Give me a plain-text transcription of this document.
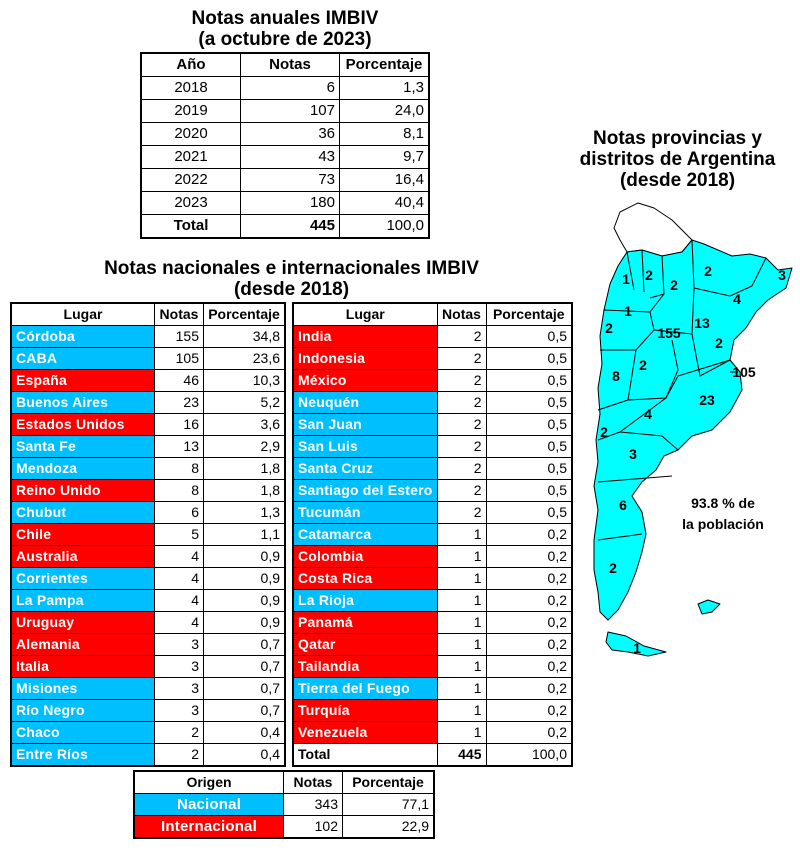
Notas anuales IMBIV
(a octubre de 2023)
Año	Notas	Porcentaje
2018	6	1,3
2019	107	24,0
2020	36	8,1
2021	43	9,7
2022	73	16,4
2023	180	40,4
Total	445	100,0
Notas nacionales e internacionales IMBIV
(desde 2018)
Lugar	Notas	Porcentaje
Córdoba	155	34,8
CABA	105	23,6
España	46	10,3
Buenos Aires	23	5,2
Estados Unidos	16	3,6
Santa Fe	13	2,9
Mendoza	8	1,8
Reino Unido	8	1,8
Chubut	6	1,3
Chile	5	1,1
Australia	4	0,9
Corrientes	4	0,9
La Pampa	4	0,9
Uruguay	4	0,9
Alemania	3	0,7
Italia	3	0,7
Misiones	3	0,7
Río Negro	3	0,7
Chaco	2	0,4
Entre Ríos	2	0,4
Lugar	Notas	Porcentaje
India	2	0,5
Indonesia	2	0,5
México	2	0,5
Neuquén	2	0,5
San Juan	2	0,5
San Luis	2	0,5
Santa Cruz	2	0,5
Santiago del Estero	2	0,5
Tucumán	2	0,5
Catamarca	1	0,2
Colombia	1	0,2
Costa Rica	1	0,2
La Rioja	1	0,2
Panamá	1	0,2
Qatar	1	0,2
Tailandia	1	0,2
Tierra del Fuego	1	0,2
Turquía	1	0,2
Venezuela	1	0,2
Total	445	100,0
Origen	Notas	Porcentaje
Nacional	343	77,1
Internacional	102	22,9
Notas provincias y
distritos de Argentina
(desde 2018)
1 2
2
2	3
4
1
2	155
13
2
8
2	105
4
23
2
3
6
2
1
93.8 % de
la población
